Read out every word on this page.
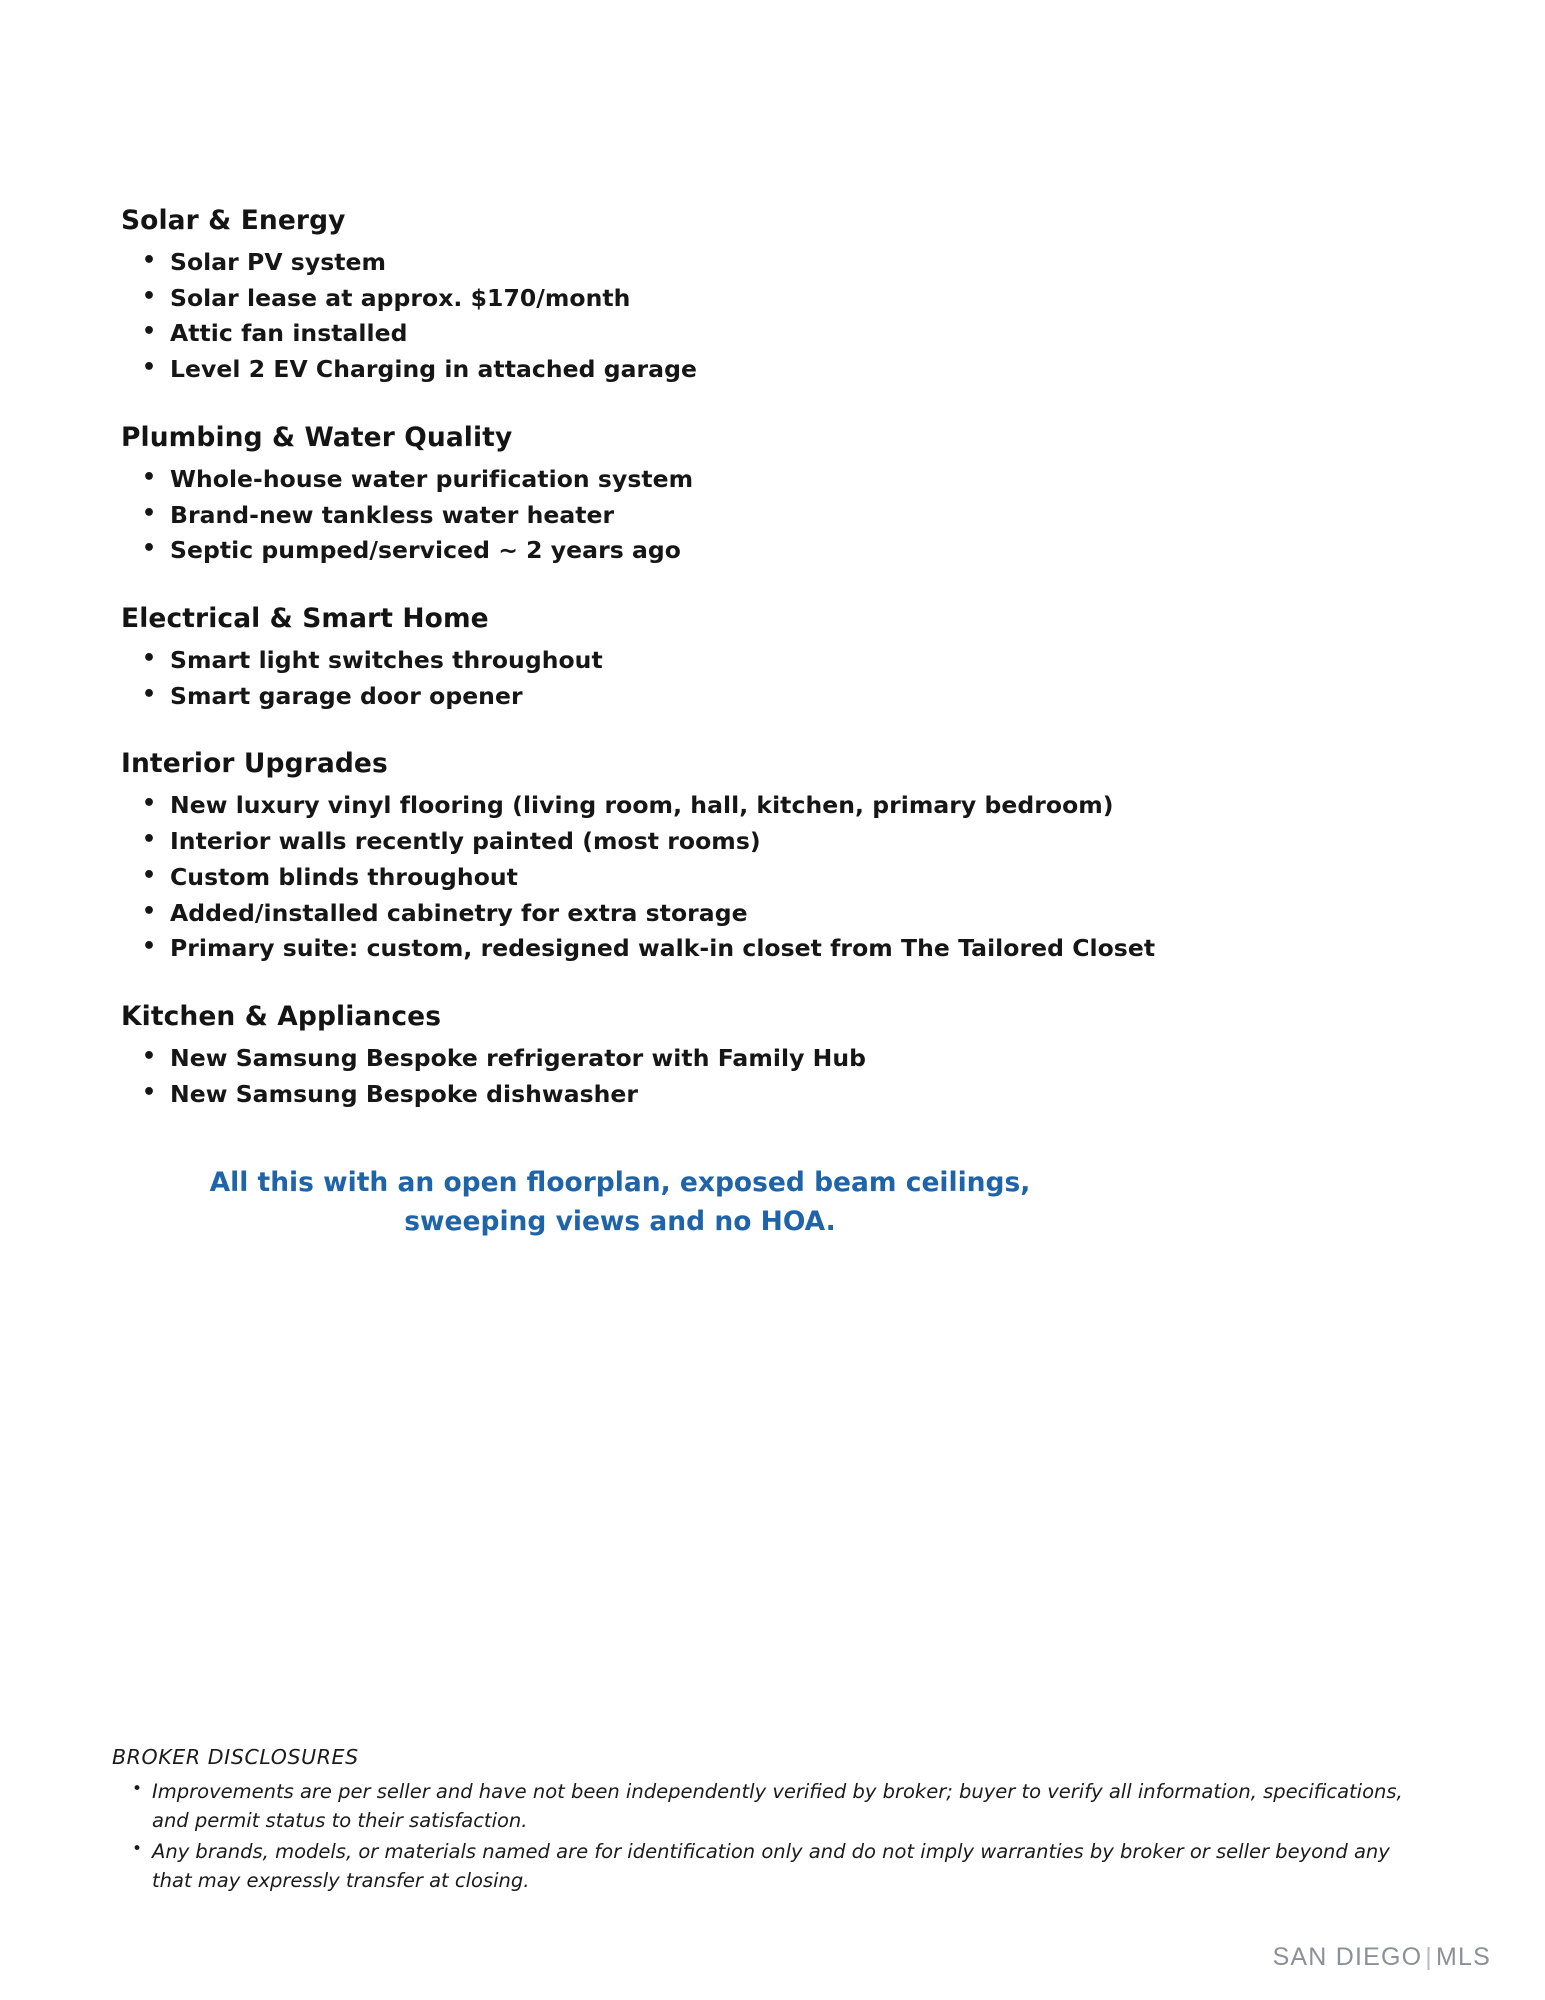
Solar & Energy
• Solar PV system
• Solar lease at approx. $170/month
• Attic fan installed
• Level 2 EV Charging in attached garage
Plumbing & Water Quality
• Whole-house water purification system
• Brand-new tankless water heater
• Septic pumped/serviced ~ 2 years ago
Electrical & Smart Home
• Smart light switches throughout
• Smart garage door opener
Interior Upgrades
• New luxury vinyl flooring (living room, hall, kitchen, primary bedroom)
• Interior walls recently painted (most rooms)
• Custom blinds throughout
• Added/installed cabinetry for extra storage
• Primary suite: custom, redesigned walk-in closet from The Tailored Closet
Kitchen & Appliances
• New Samsung Bespoke refrigerator with Family Hub
• New Samsung Bespoke dishwasher
All this with an open floorplan, exposed beam ceilings,
sweeping views and no HOA.
BROKER DISCLOSURES
• Improvements are per seller and have not been independently verified by broker; buyer to verify all information, specifications, and permit status to their satisfaction.
• Any brands, models, or materials named are for identification only and do not imply warranties by broker or seller beyond any that may expressly transfer at closing.
SAN DIEGO | MLS
